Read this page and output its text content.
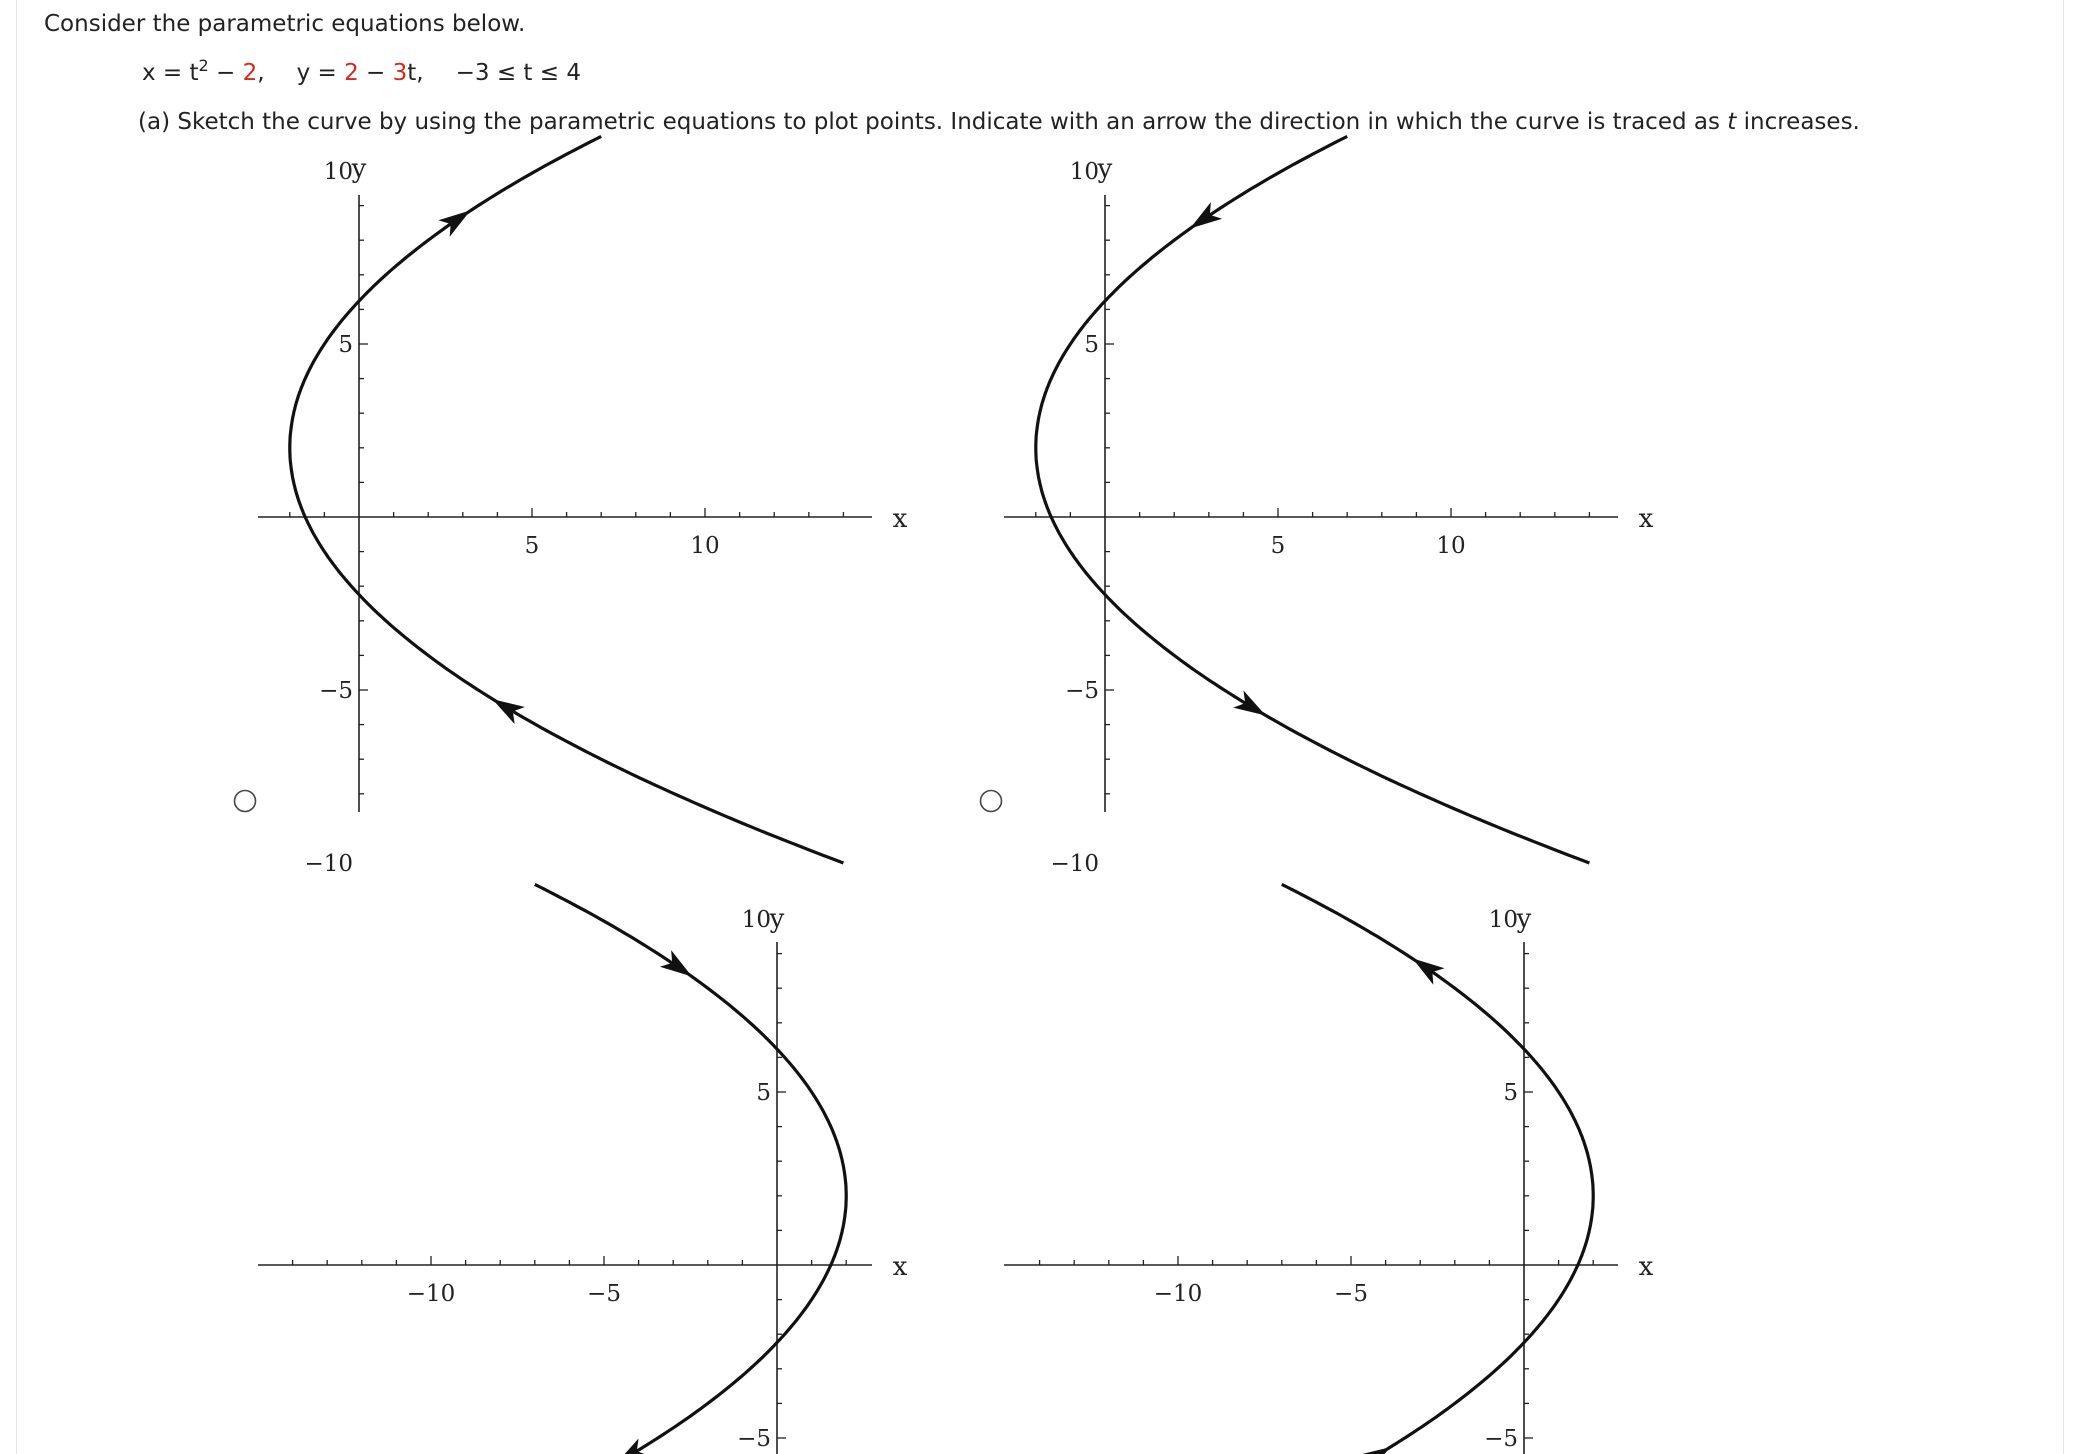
Consider the parametric equations below.
$x = t^2 - 2$, y = 2 − 3t, −3 ≤ t ≤ 4
(a) Sketch the curve by using the parametric equations to plot points. Indicate with an arrow the direction in which the curve is traced as t increases.
5	10
10
5
−5
−10
x
y
5	10
10
5
−5
−10
x
y
−10	−5
10
5
−5
x
y
−10	−5
10
5
−5
x
y
